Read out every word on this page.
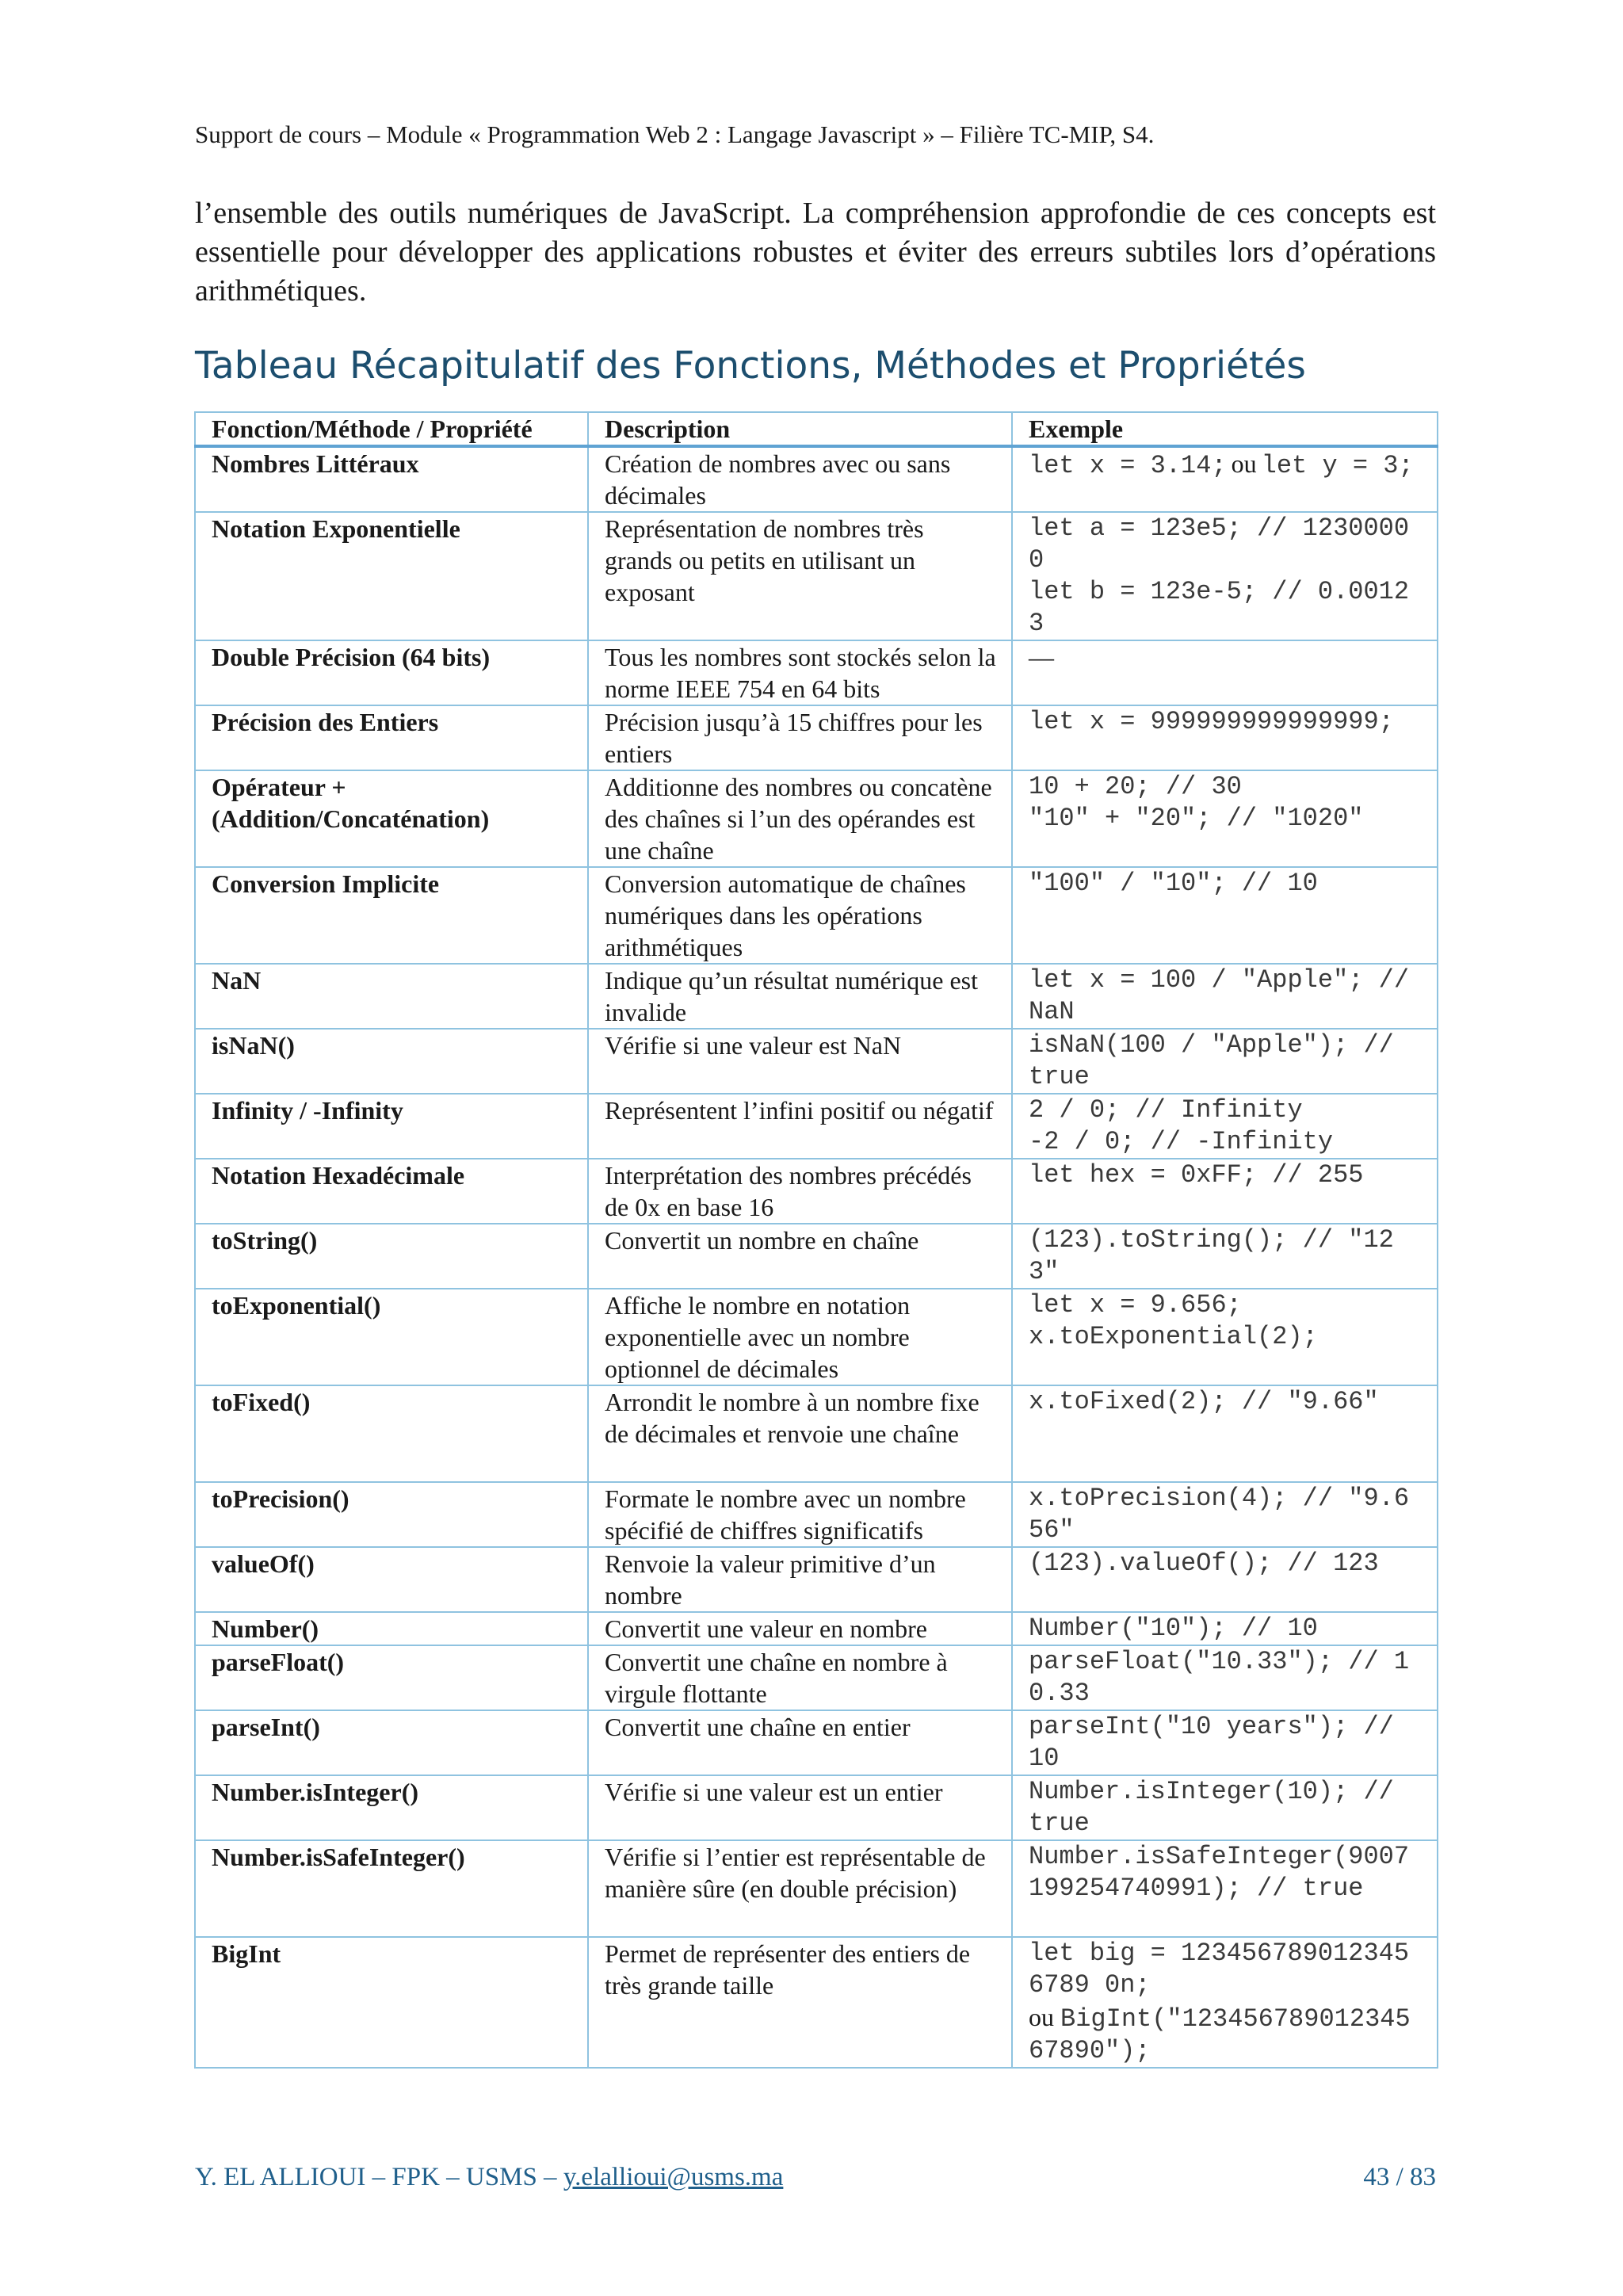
Support de cours – Module « Programmation Web 2 : Langage Javascript » – Filière TC-MIP, S4.

l’ensemble des outils numériques de JavaScript. La compréhension approfondie de ces concepts est essentielle pour développer des applications robustes et éviter des erreurs subtiles lors d’opérations arithmétiques.

Tableau Récapitulatif des Fonctions, Méthodes et Propriétés
Fonction/Méthode / Propriété	Description	Exemple
Nombres Littéraux	Création de nombres avec ou sans décimales	let x = 3.14; ou let y = 3;
Notation Exponentielle	Représentation de nombres très grands ou petits en utilisant un exposant	let a = 123e5; // 12300000
let b = 123e-5; // 0.00123

Double Précision (64 bits)	Tous les nombres sont stockés selon la norme IEEE 754 en 64 bits	—
Précision des Entiers	Précision jusqu’à 15 chiffres pour les entiers	let x = 999999999999999;
Opérateur + (Addition/Concaténation)	Additionne des nombres ou concatène des chaînes si l’un des opérandes est une chaîne	10 + 20; // 30
"10" + "20"; // "1020"

Conversion Implicite	Conversion automatique de chaînes numériques dans les opérations arithmétiques	"100" / "10"; // 10
NaN	Indique qu’un résultat numérique est invalide	let x = 100 / "Apple"; // NaN
isNaN()	Vérifie si une valeur est NaN	isNaN(100 / "Apple"); // true
Infinity / -Infinity	Représentent l’infini positif ou négatif	2 / 0; // Infinity
-2 / 0; // -Infinity

Notation Hexadécimale	Interprétation des nombres précédés de 0x en base 16	let hex = 0xFF; // 255
toString()	Convertit un nombre en chaîne	(123).toString(); // "123"
toExponential()	Affiche le nombre en notation exponentielle avec un nombre optionnel de décimales	let x = 9.656;
x.toExponential(2);

toFixed()	Arrondit le nombre à un nombre fixe de décimales et renvoie une chaîne	x.toFixed(2); // "9.66"
toPrecision()	Formate le nombre avec un nombre spécifié de chiffres significatifs	x.toPrecision(4); // "9.656"
valueOf()	Renvoie la valeur primitive d’un nombre	(123).valueOf(); // 123
Number()	Convertit une valeur en nombre	Number("10"); // 10
parseFloat()	Convertit une chaîne en nombre à virgule flottante	parseFloat("10.33"); // 10.33
parseInt()	Convertit une chaîne en entier	parseInt("10 years"); // 10
Number.isInteger()	Vérifie si une valeur est un entier	Number.isInteger(10); // true
Number.isSafeInteger()	Vérifie si l’entier est représentable de manière sûre (en double précision)	Number.isSafeInteger(9007199254740991); // true
BigInt	Permet de représenter des entiers de très grande taille	let big = 1234567890123456789 0n;
ou BigInt("12345678901234567890");
Y. EL ALLIOUI – FPK – USMS – y.elallioui@usms.ma	43 / 83
